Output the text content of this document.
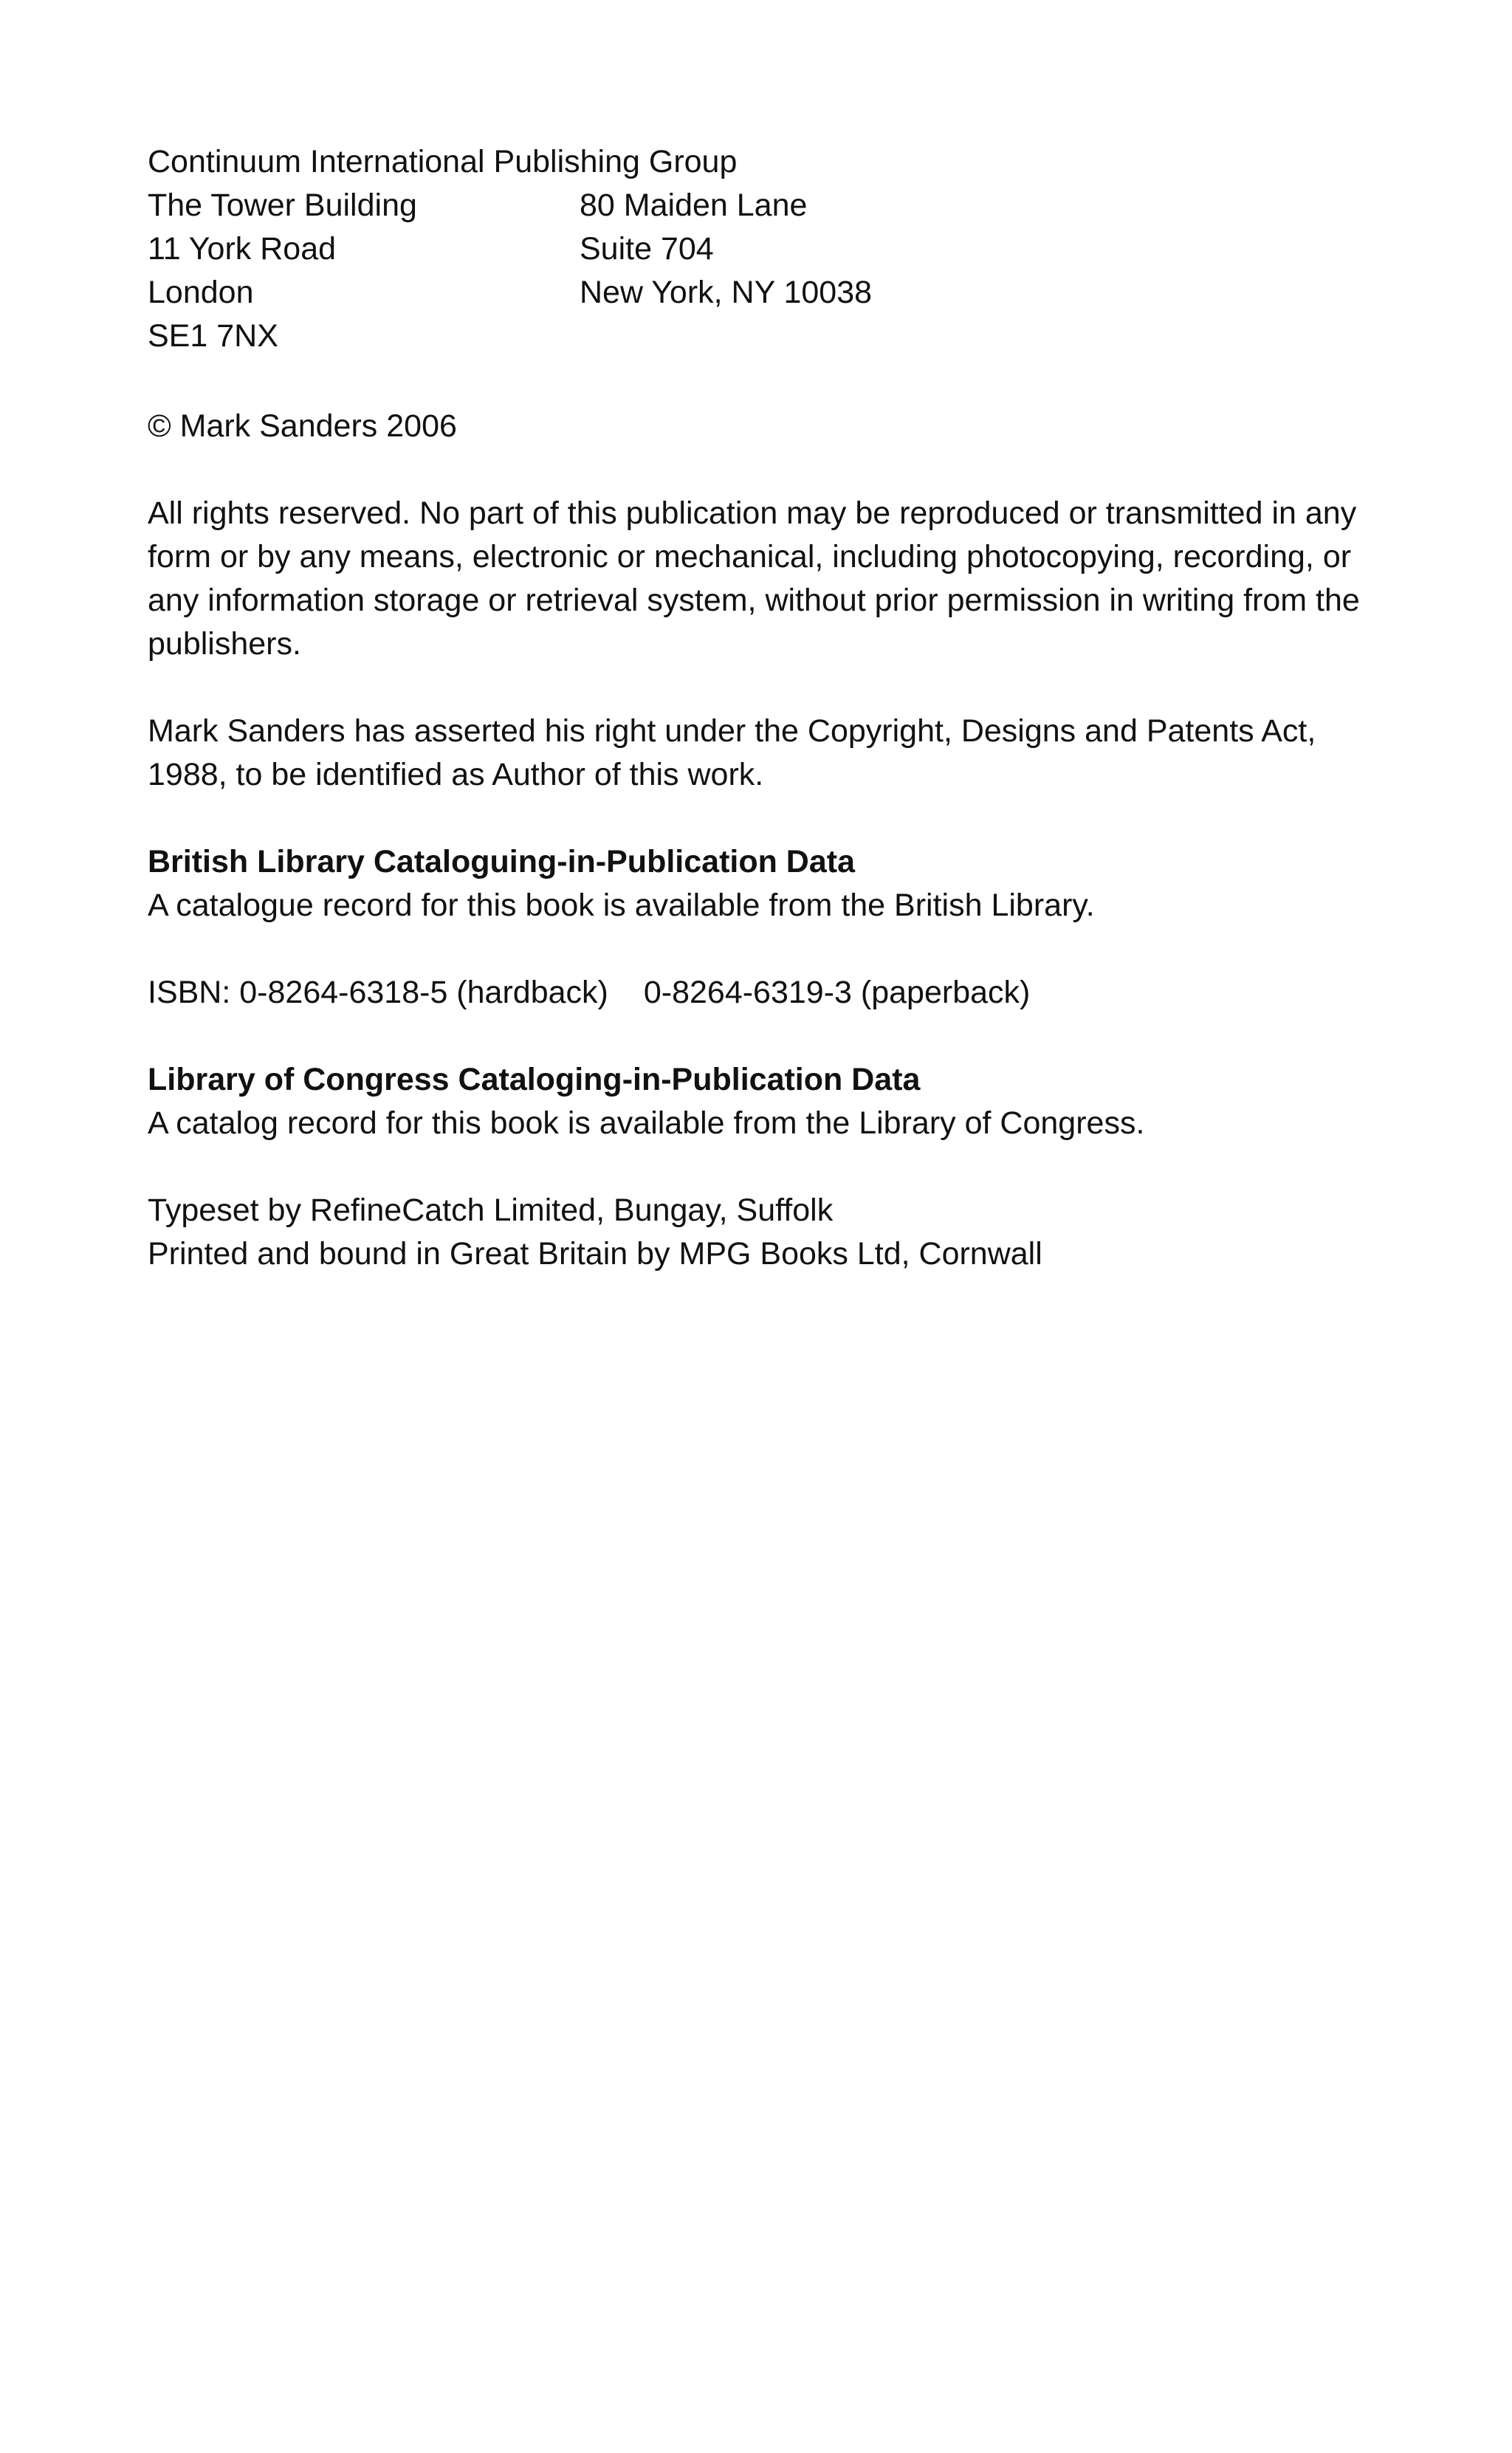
Continuum International Publishing Group
The Tower Building
11 York Road
London
SE1 7NX
80 Maiden Lane
Suite 704
New York, NY 10038
© Mark Sanders 2006
All rights reserved. No part of this publication may be reproduced or transmitted in any form or by any means, electronic or mechanical, including photocopying, recording, or any information storage or retrieval system, without prior permission in writing from the publishers.
Mark Sanders has asserted his right under the Copyright, Designs and Patents Act, 1988, to be identified as Author of this work.
British Library Cataloguing-in-Publication Data
A catalogue record for this book is available from the British Library.
ISBN: 0-8264-6318-5 (hardback) 0-8264-6319-3 (paperback)
Library of Congress Cataloging-in-Publication Data
A catalog record for this book is available from the Library of Congress.
Typeset by RefineCatch Limited, Bungay, Suffolk
Printed and bound in Great Britain by MPG Books Ltd, Cornwall
